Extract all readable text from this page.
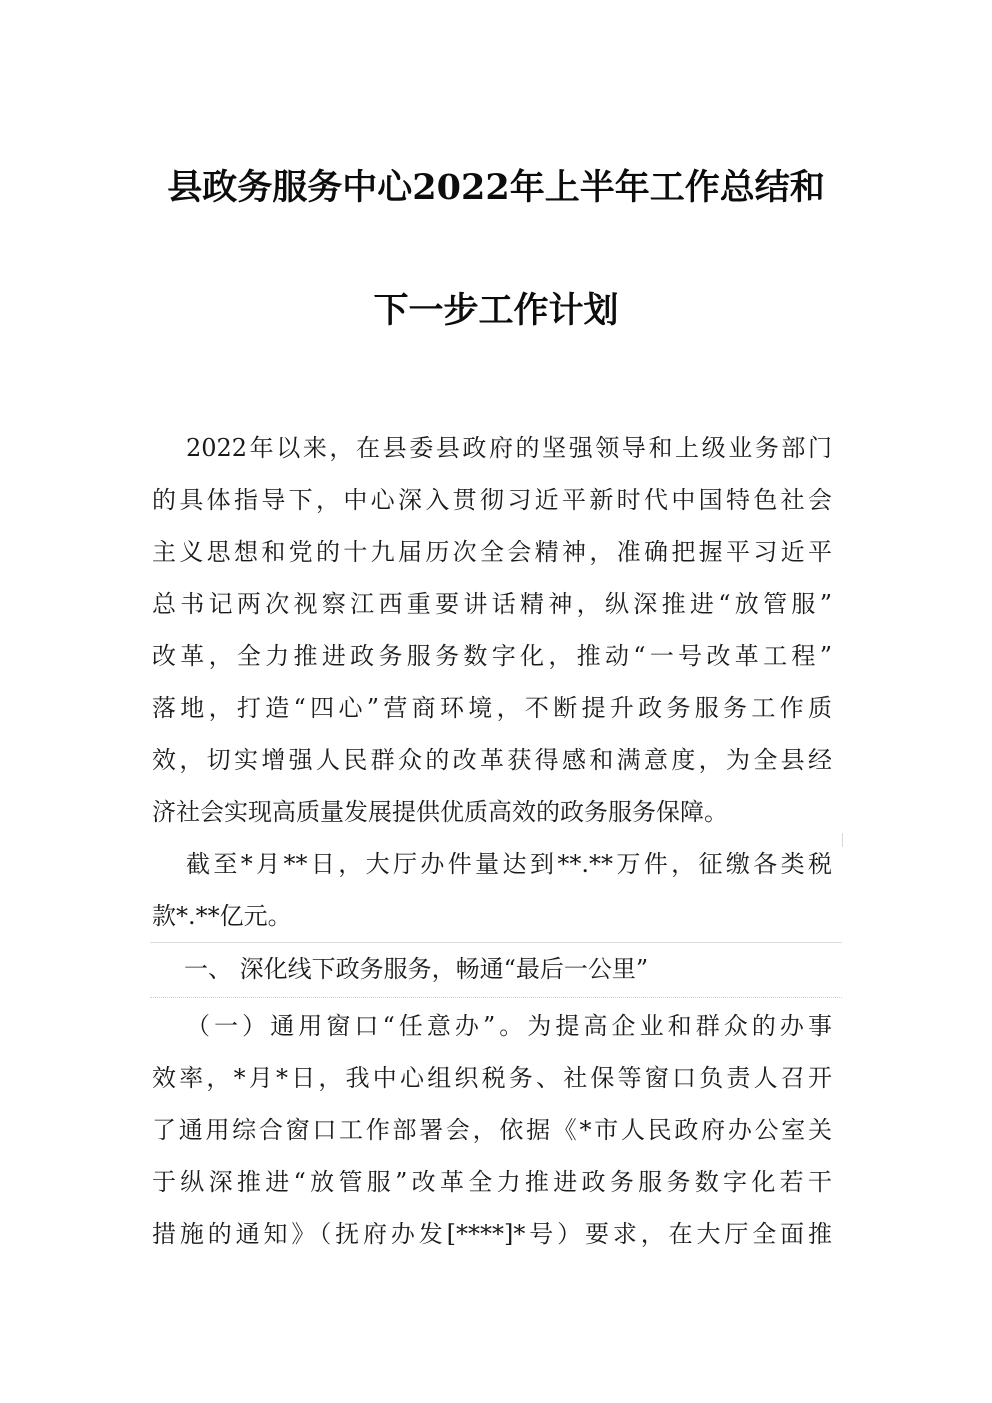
县政务服务中心2022年上半年工作总结和
下一步工作计划
2022年以来，在县委县政府的坚强领导和上级业务部门
的具体指导下，中心深入贯彻习近平新时代中国特色社会
主义思想和党的十九届历次全会精神，准确把握平习近平
总书记两次视察江西重要讲话精神，纵深推进“放管服”
改革，全力推进政务服务数字化，推动“一号改革工程”
落地，打造“四心”营商环境，不断提升政务服务工作质
效，切实增强人民群众的改革获得感和满意度，为全县经
济社会实现高质量发展提供优质高效的政务服务保障。
截至*月**日，大厅办件量达到**.**万件，征缴各类税
款*.**亿元。
一、 深化线下政务服务，畅通“最后一公里”
（一）通用窗口“任意办”。为提高企业和群众的办事
效率，*月*日，我中心组织税务、社保等窗口负责人召开
了通用综合窗口工作部署会，依据《*市人民政府办公室关
于纵深推进“放管服”改革全力推进政务服务数字化若干
措施的通知》（抚府办发[****]*号）要求，在大厅全面推
